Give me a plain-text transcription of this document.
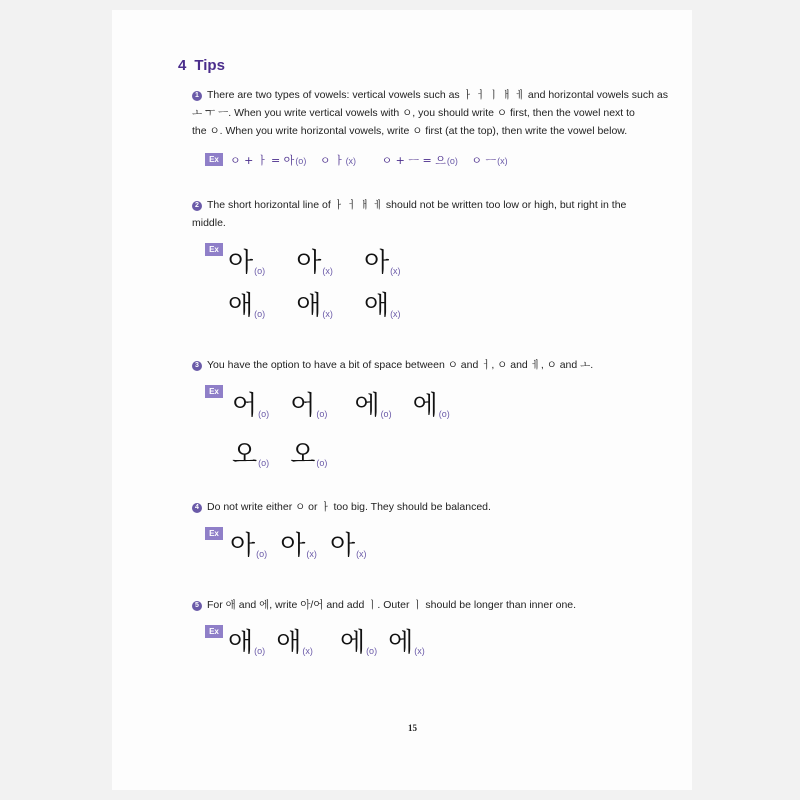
4 Tips
1 There are two types of vowels: vertical vowels such as ㅏ ㅓ ㅣ ㅐ ㅔ and horizontal vowels such as
ㅗ ㅜ ㅡ. When you write vertical vowels with ㅇ, you should write ㅇ first, then the vowel next to
the ㅇ. When you write horizontal vowels, write ㅇ first (at the top), then write the vowel below.
Ex	ㅇ + ㅏ = 아(o) ㅇ ㅏ(x) ㅇ + ㅡ = 으(o) ㅇ ㅡ(x)
2 The short horizontal line of ㅏ ㅓ ㅐ ㅔ should not be written too low or high, but right in the
middle.
Ex 아(o) 아(x) 아(x)
애(o) 애(x) 애(x)
3 You have the option to have a bit of space between ㅇ and ㅓ, ㅇ and ㅔ, ㅇ and ㅗ.
Ex 어(o) 어(o) 에(o) 에(o)
오(o) 오(o)
4 Do not write either ㅇ or ㅏ too big. They should be balanced.
Ex 아(o) 아(x) 아(x)
5 For 애 and 에, write 아/어 and add ㅣ. Outer ㅣ should be longer than inner one.
Ex 애(o) 애(x) 에(o) 에(x)
15
